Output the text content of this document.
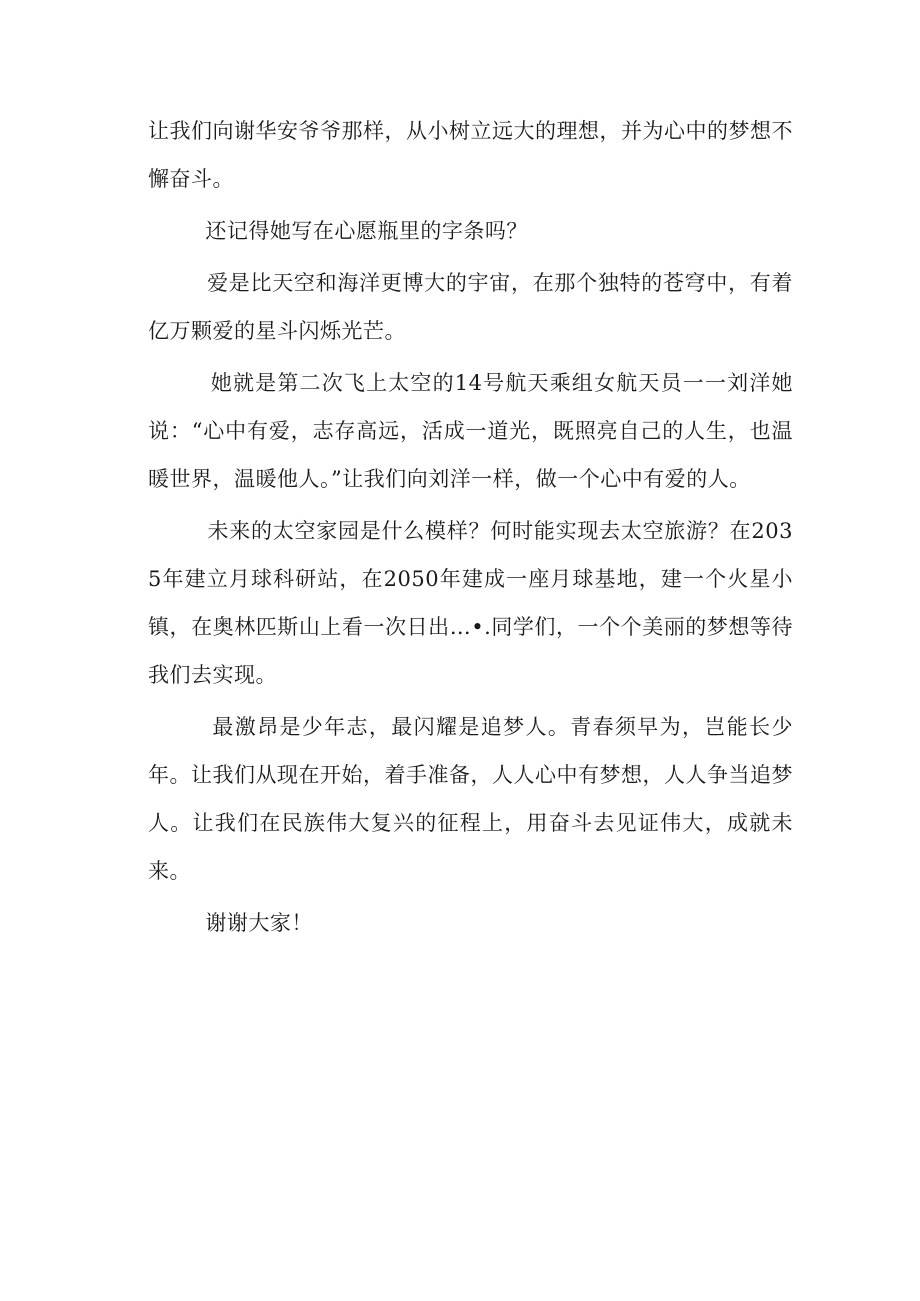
让我们向谢华安爷爷那样，从小树立远大的理想，并为心中的梦想不懈奋斗。

还记得她写在心愿瓶里的字条吗？

爱是比天空和海洋更博大的宇宙，在那个独特的苍穹中，有着亿万颗爱的星斗闪烁光芒。

她就是第二次飞上太空的14号航天乘组女航天员一一刘洋她说：“心中有爱，志存高远，活成一道光，既照亮自己的人生，也温暖世界，温暖他人。”让我们向刘洋一样，做一个心中有爱的人。

未来的太空家园是什么模样？何时能实现去太空旅游？在2035年建立月球科研站，在2050年建成一座月球基地，建一个火星小镇，在奥林匹斯山上看一次日出…•.同学们，一个个美丽的梦想等待我们去实现。

最激昂是少年志，最闪耀是追梦人。青春须早为，岂能长少年。让我们从现在开始，着手准备，人人心中有梦想，人人争当追梦人。让我们在民族伟大复兴的征程上，用奋斗去见证伟大，成就未来。

谢谢大家！
